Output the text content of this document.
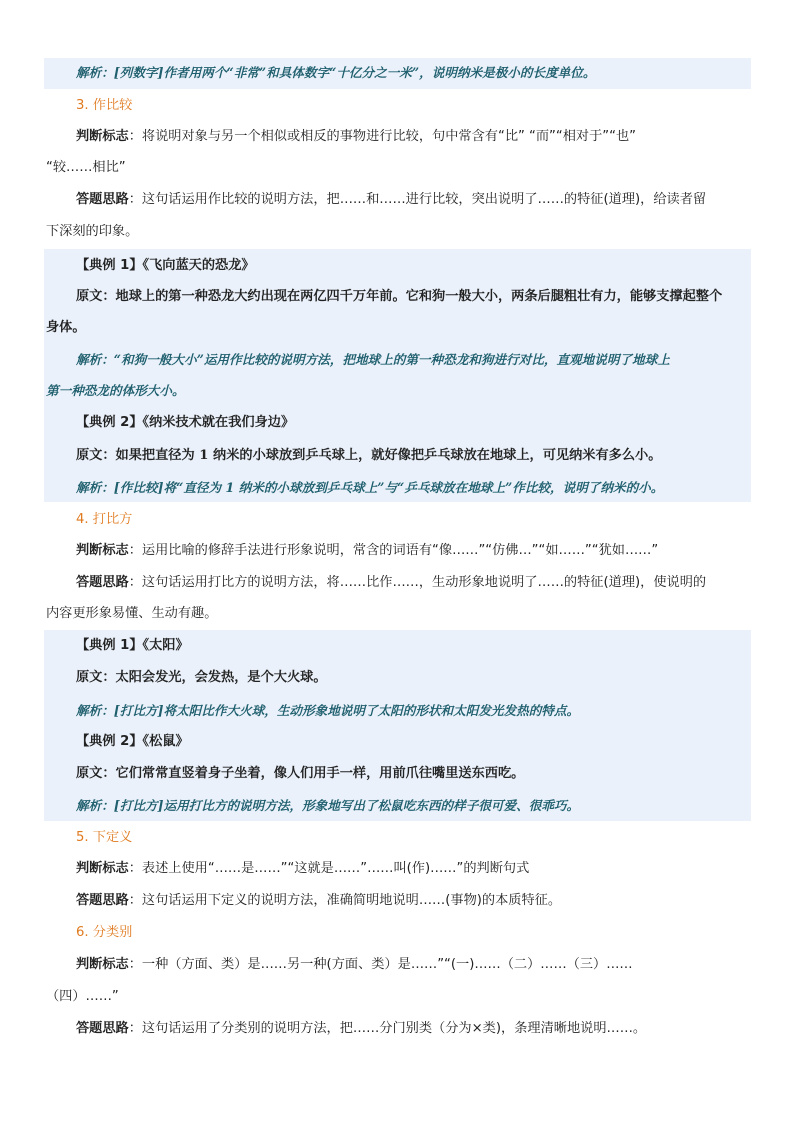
解析：[列数字]作者用两个“非常”和具体数字“十亿分之一米”，说明纳米是极小的长度单位。
3. 作比较
判断标志：将说明对象与另一个相似或相反的事物进行比较，句中常含有“比” “而”“相对于”“也”
“较……相比”
答题思路：这句话运用作比较的说明方法，把……和……进行比较，突出说明了……的特征(道理)，给读者留
下深刻的印象。
【典例 1】《飞向蓝天的恐龙》
原文：地球上的第一种恐龙大约出现在两亿四千万年前。它和狗一般大小，两条后腿粗壮有力，能够支撑起整个
身体。
解析：“和狗一般大小”运用作比较的说明方法，把地球上的第一种恐龙和狗进行对比，直观地说明了地球上
第一种恐龙的体形大小。
【典例 2】《纳米技术就在我们身边》
原文：如果把直径为 1 纳米的小球放到乒乓球上，就好像把乒乓球放在地球上，可见纳米有多么小。
解析：[作比较]将“直径为 1 纳米的小球放到乒乓球上”与“乒乓球放在地球上”作比较，说明了纳米的小。
4. 打比方
判断标志：运用比喻的修辞手法进行形象说明，常含的词语有“像……”“仿佛…”“如……”“犹如……”
答题思路：这句话运用打比方的说明方法，将……比作……，生动形象地说明了……的特征(道理)，使说明的
内容更形象易懂、生动有趣。
【典例 1】《太阳》
原文：太阳会发光，会发热，是个大火球。
解析：[打比方]将太阳比作大火球，生动形象地说明了太阳的形状和太阳发光发热的特点。
【典例 2】《松鼠》
原文：它们常常直竖着身子坐着，像人们用手一样，用前爪往嘴里送东西吃。
解析：[打比方]运用打比方的说明方法，形象地写出了松鼠吃东西的样子很可爱、很乖巧。
5. 下定义
判断标志：表述上使用“……是……”“这就是……”……叫(作)……”的判断句式
答题思路：这句话运用下定义的说明方法，准确简明地说明……(事物)的本质特征。
6. 分类别
判断标志：一种（方面、类）是……另一种(方面、类）是……”“(一)……（二）……（三）……
（四）……”
答题思路：这句话运用了分类别的说明方法，把……分门别类（分为×类)，条理清晰地说明……。
